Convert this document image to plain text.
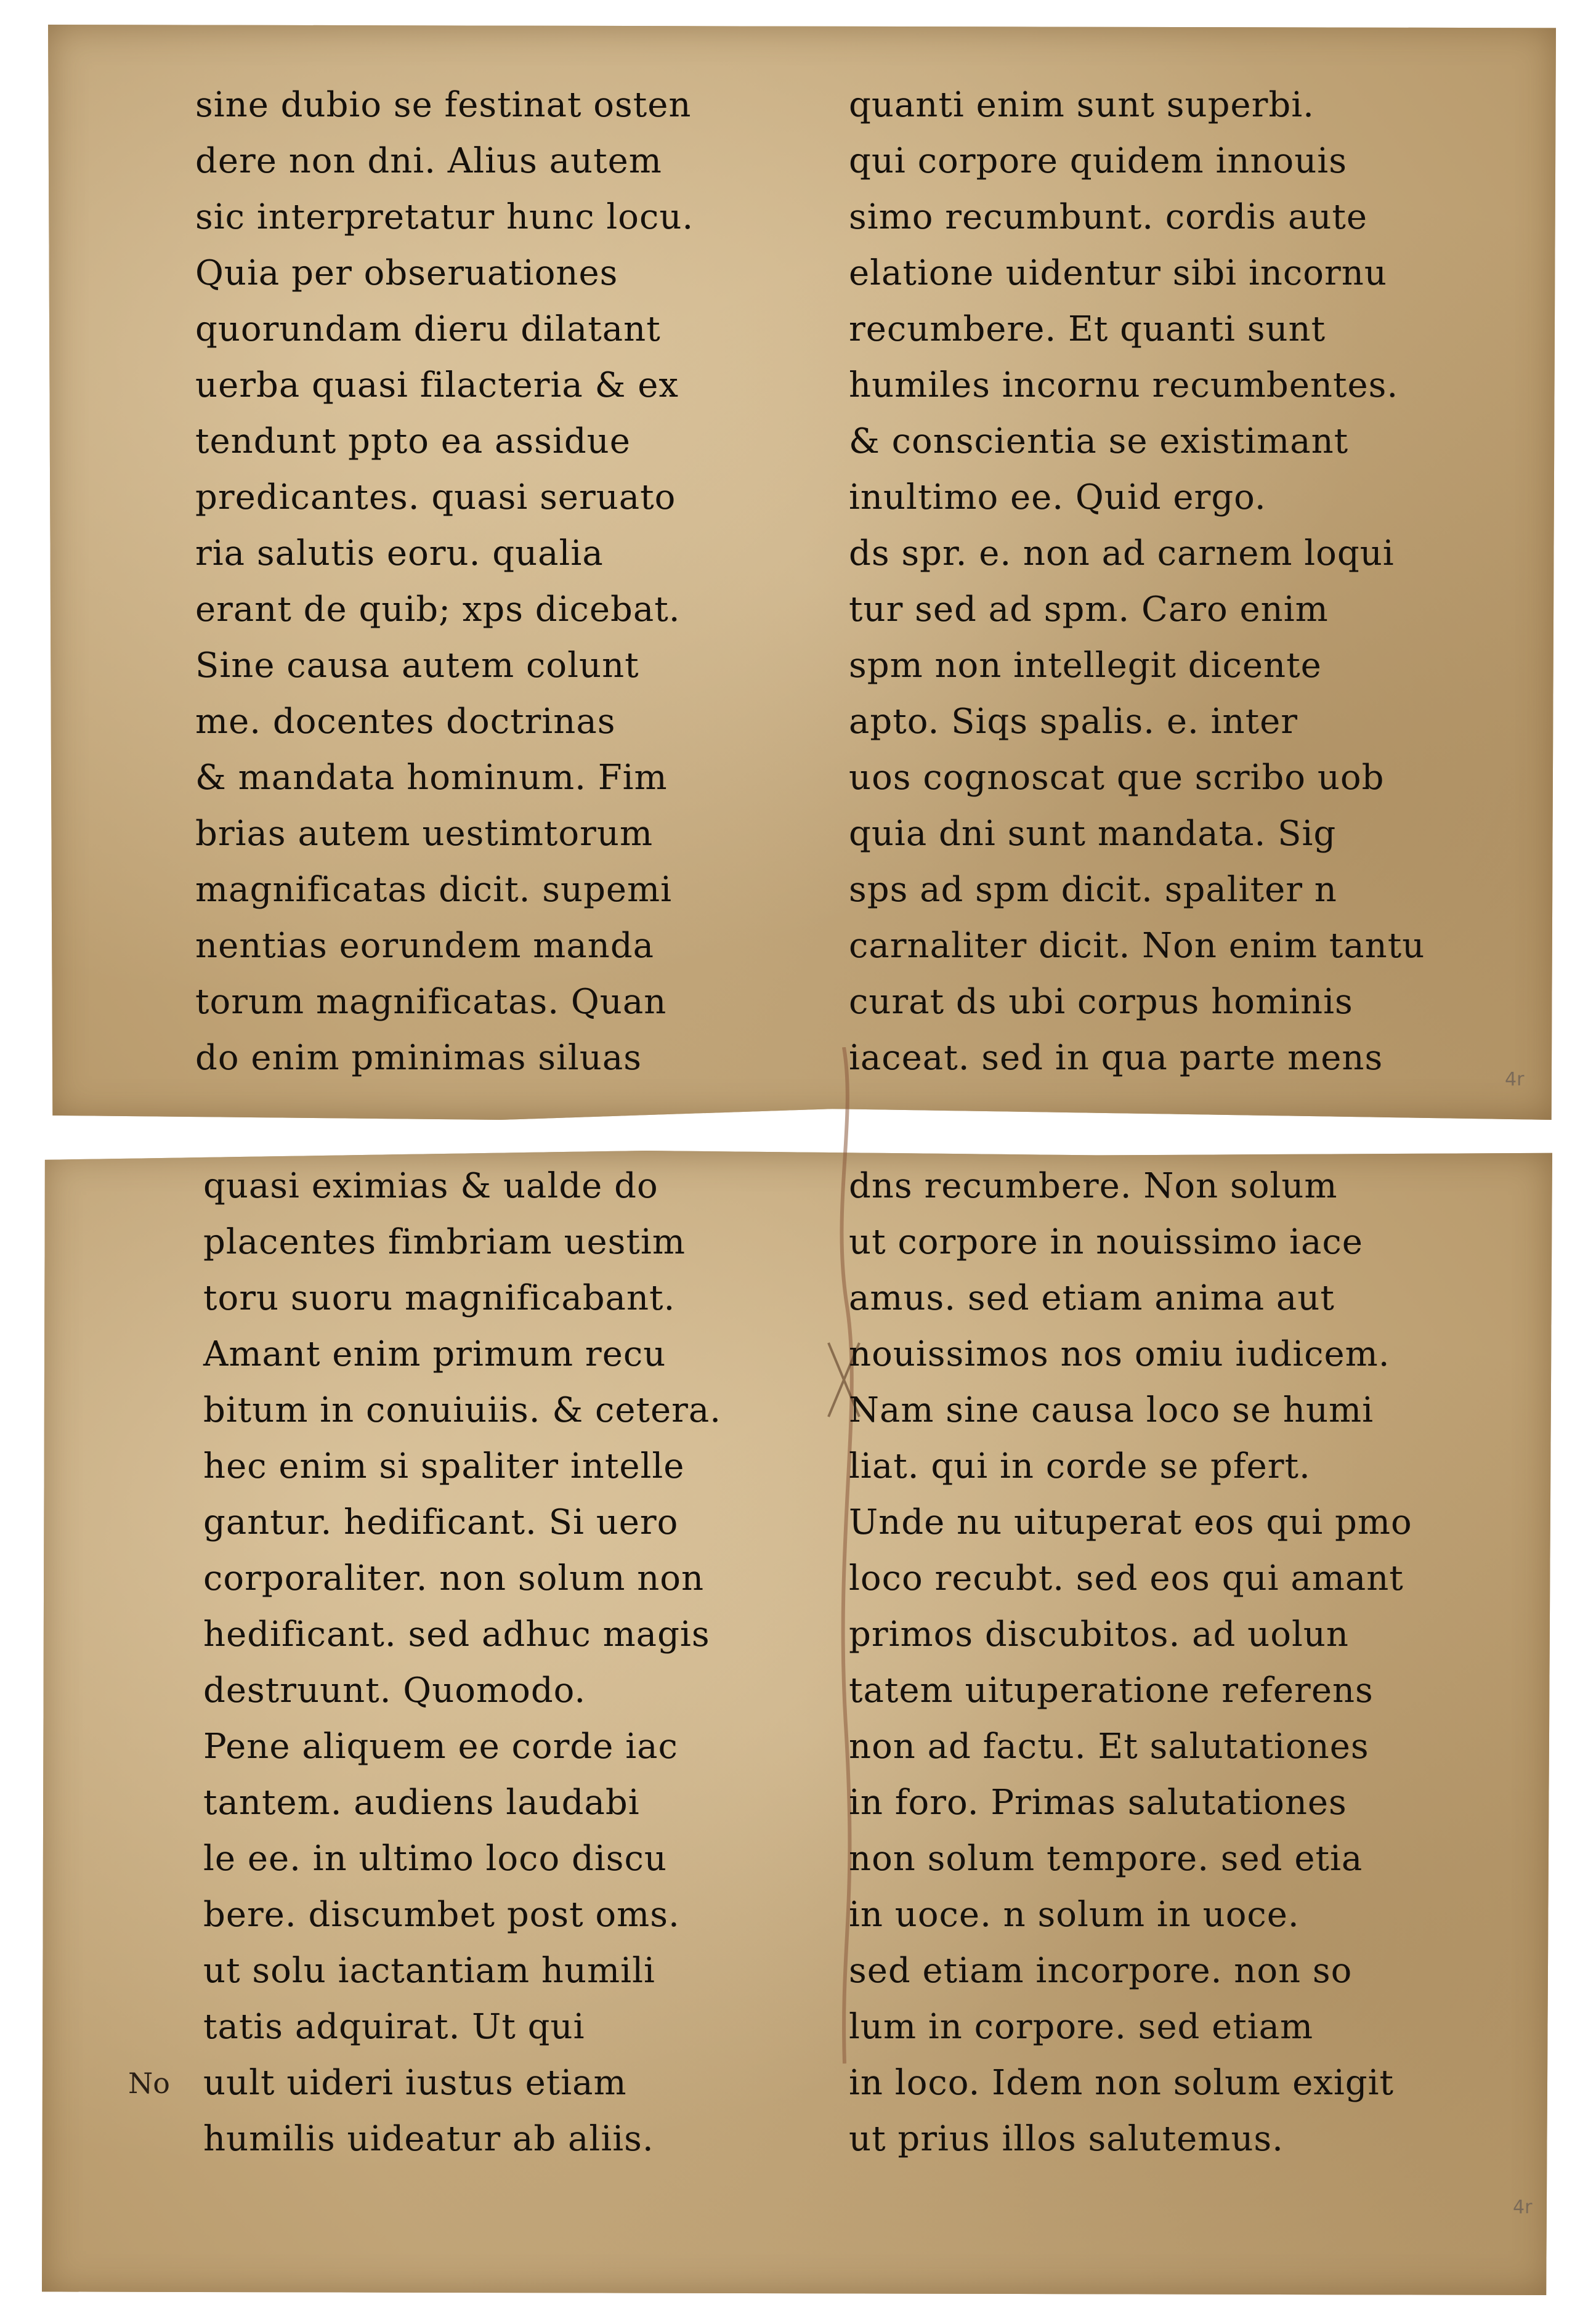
sine dubio se festinat osten
dere non dni. Alius autem
sic interpretatur hunc locu.
Quia per obseruationes
quorundam dieru dilatant
uerba quasi filacteria & ex
tendunt ppto ea assidue
predicantes. quasi seruato
ria salutis eoru. qualia
erant de quib; xps dicebat.
Sine causa autem colunt
me. docentes doctrinas
& mandata hominum. Fim
brias autem uestimtorum
magnificatas dicit. supemi
nentias eorundem manda
torum magnificatas. Quan
do enim pminimas siluas
quanti enim sunt superbi.
qui corpore quidem innouis
simo recumbunt. cordis aute
elatione uidentur sibi incornu
recumbere. Et quanti sunt
humiles incornu recumbentes.
& conscientia se existimant
inultimo ee. Quid ergo.
ds spr. e. non ad carnem loqui
tur sed ad spm. Caro enim
spm non intellegit dicente
apto. Siqs spalis. e. inter
uos cognoscat que scribo uob
quia dni sunt mandata. Sig
sps ad spm dicit. spaliter n
carnaliter dicit. Non enim tantu
curat ds ubi corpus hominis
iaceat. sed in qua parte mens
quasi eximias & ualde do
placentes fimbriam uestim
toru suoru magnificabant.
Amant enim primum recu
bitum in conuiuiis. & cetera.
hec enim si spaliter intelle
gantur. hedificant. Si uero
corporaliter. non solum non
hedificant. sed adhuc magis
destruunt. Quomodo.
Pene aliquem ee corde iac
tantem. audiens laudabi
le ee. in ultimo loco discu
bere. discumbet post oms.
ut solu iactantiam humili
tatis adquirat. Ut qui
uult uideri iustus etiam
humilis uideatur ab aliis.
dns recumbere. Non solum
ut corpore in nouissimo iace
amus. sed etiam anima aut
nouissimos nos omiu iudicem.
Nam sine causa loco se humi
liat. qui in corde se pfert.
Unde nu uituperat eos qui pmo
loco recubt. sed eos qui amant
primos discubitos. ad uolun
tatem uituperatione referens
non ad factu. Et salutationes
in foro. Primas salutationes
non solum tempore. sed etia
in uoce. n solum in uoce.
sed etiam incorpore. non so
lum in corpore. sed etiam
in loco. Idem non solum exigit
ut prius illos salutemus.
4r
4r
No
